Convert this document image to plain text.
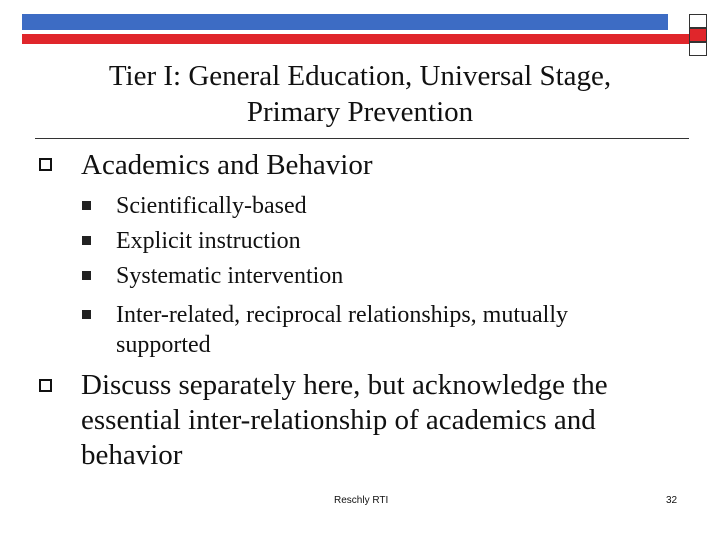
Tier I: General Education, Universal Stage,
Primary Prevention
Academics and Behavior
Scientifically-based
Explicit instruction
Systematic intervention
Inter-related, reciprocal relationships, mutually
supported
Discuss separately here, but acknowledge the
essential inter-relationship of academics and
behavior
Reschly RTI	32
